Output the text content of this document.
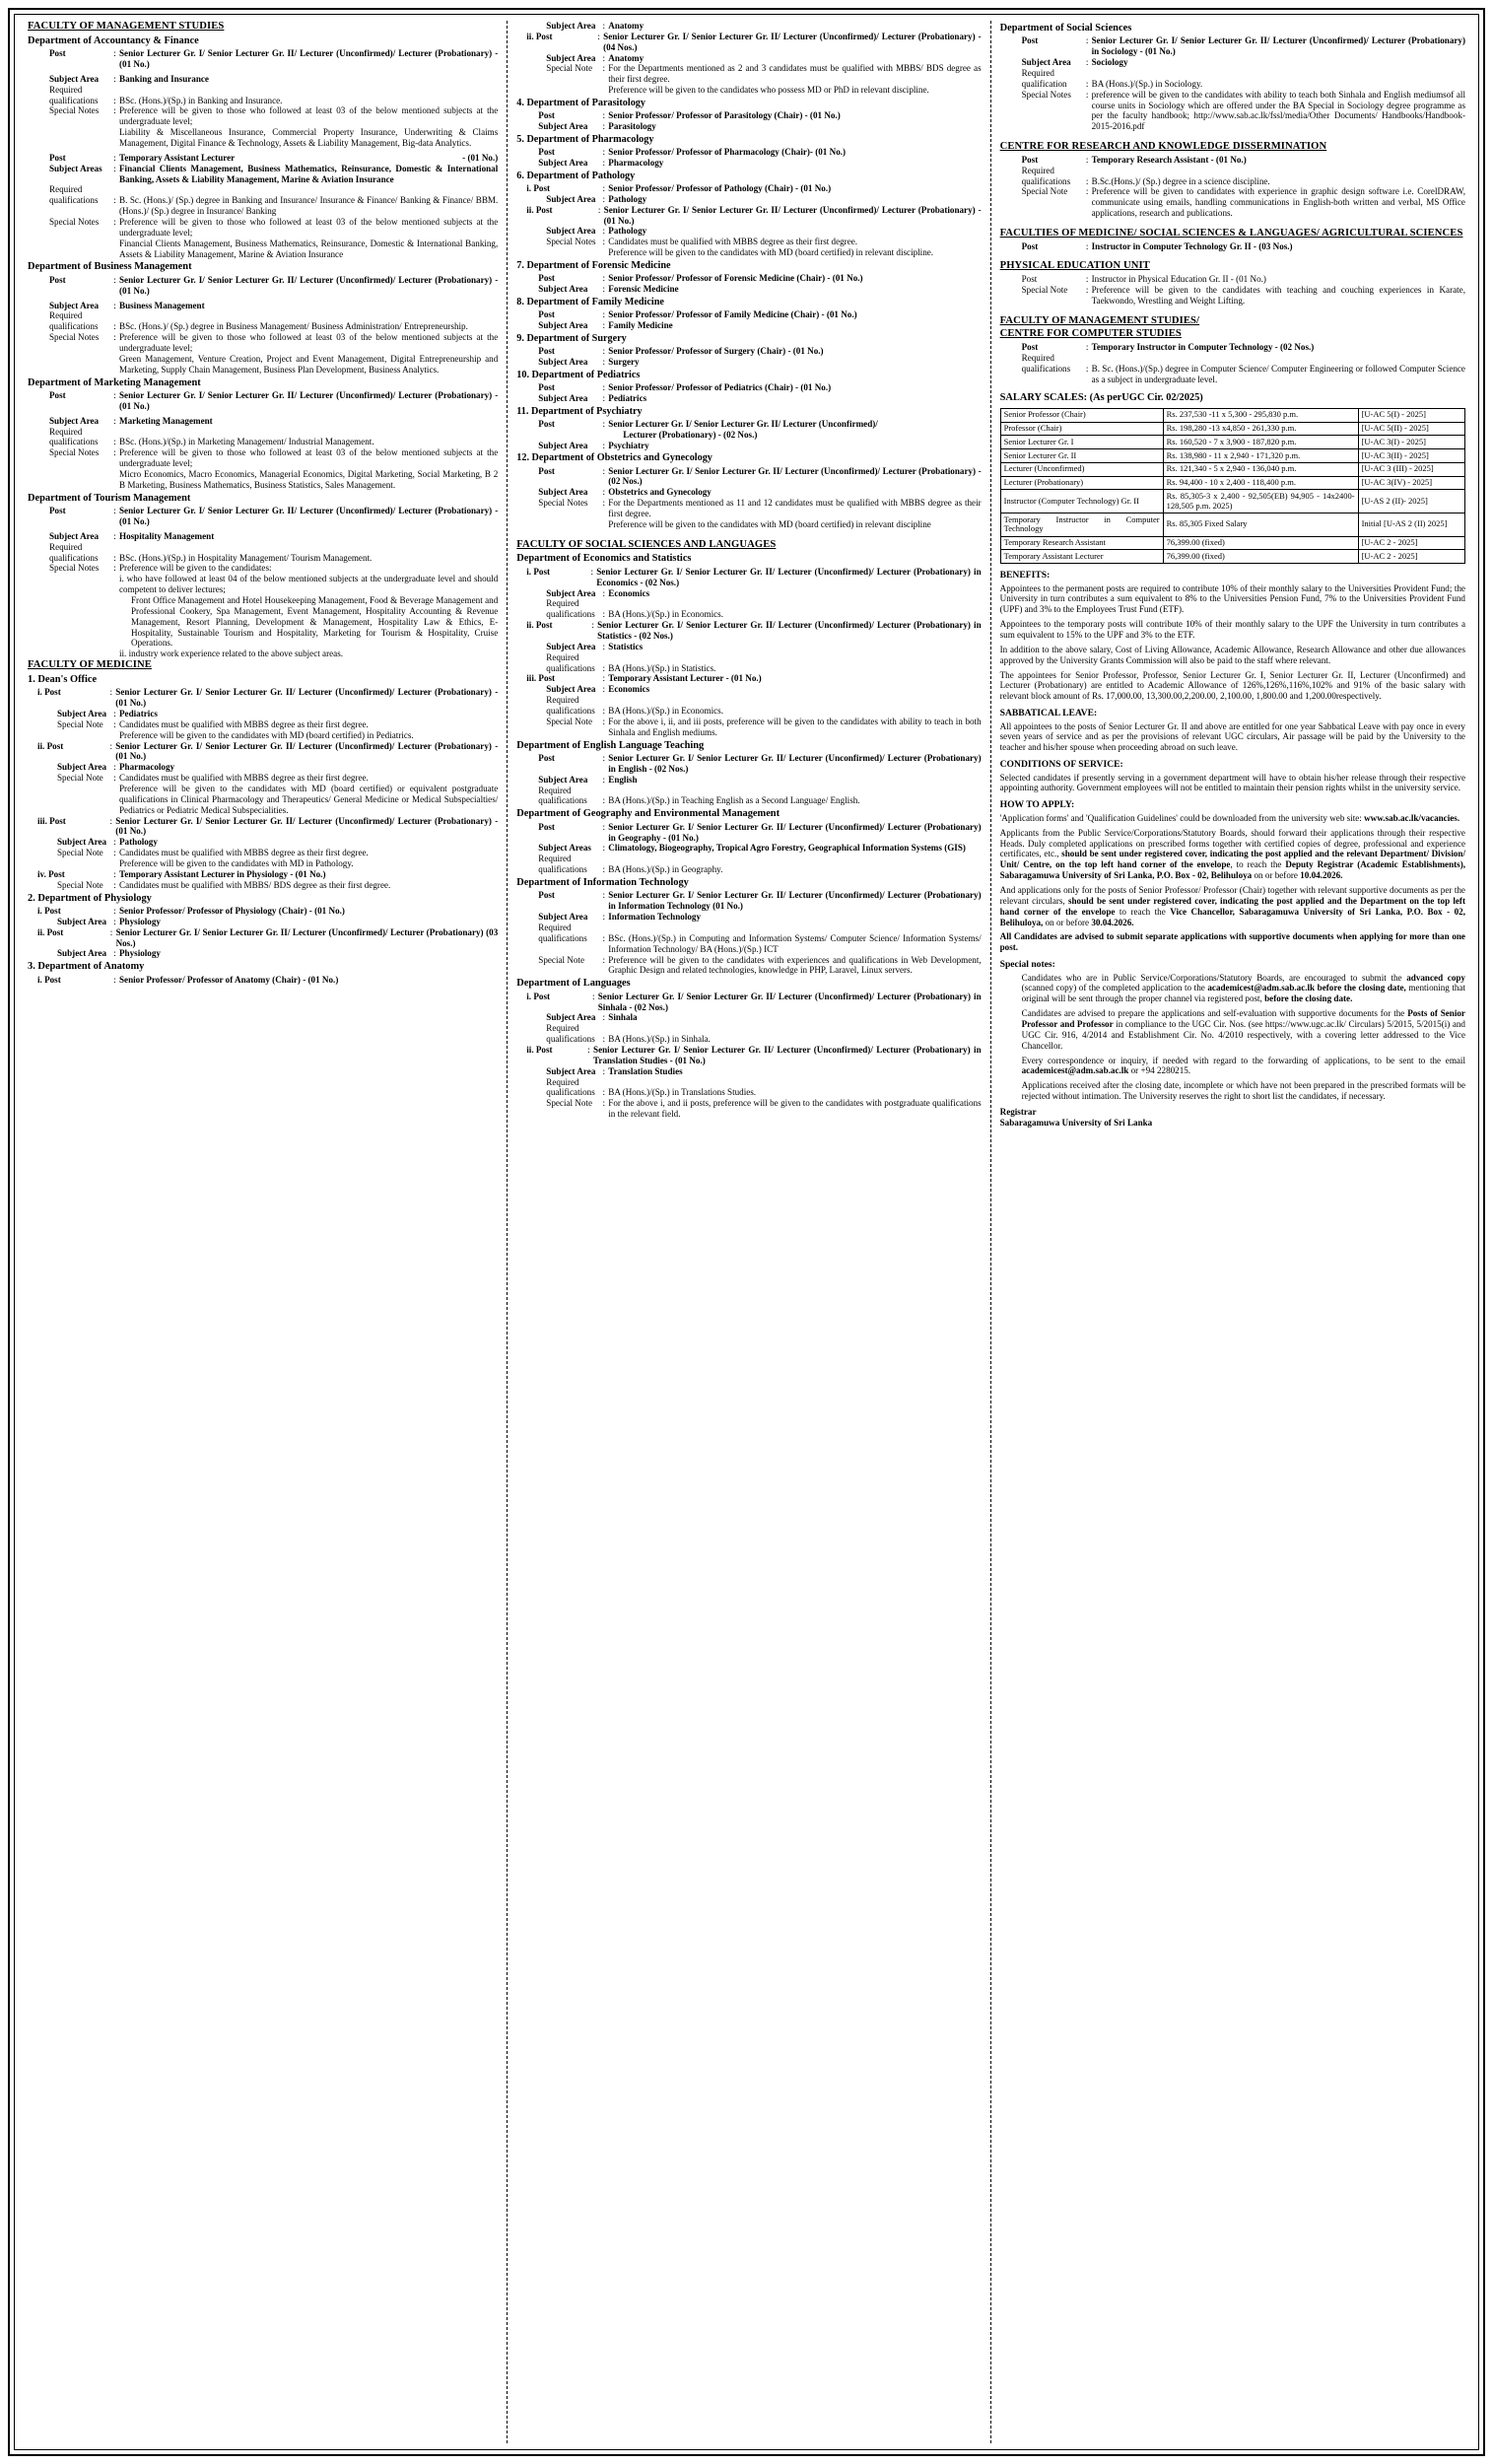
FACULTY OF MANAGEMENT STUDIES
Department of Accountancy & Finance
Post	: Senior Lecturer Gr. I/ Senior Lecturer Gr. II/ Lecturer (Unconfirmed)/ Lecturer (Probationary) - (01 No.)
Subject Area	: Banking and Insurance
Required
qualifications	: BSc. (Hons.)/(Sp.) in Banking and Insurance.
Special Notes	: Preference will be given to those who followed at least 03 of the below mentioned subjects at the undergraduate level;
Liability & Miscellaneous Insurance, Commercial Property Insurance, Underwriting & Claims Management, Digital Finance & Technology, Assets & Liability Management, Big-data Analytics.
Post	: Temporary Assistant Lecturer	- (01 No.)
Subject Areas	: Financial Clients Management, Business Mathematics, Reinsurance, Domestic & International Banking, Assets & Liability Management, Marine & Aviation Insurance
Required
qualifications	: B. Sc. (Hons.)/ (Sp.) degree in Banking and Insurance/ Insurance & Finance/ Banking & Finance/ BBM. (Hons.)/ (Sp.) degree in Insurance/ Banking
Special Notes	: Preference will be given to those who followed at least 03 of the below mentioned subjects at the undergraduate level;
Financial Clients Management, Business Mathematics, Reinsurance, Domestic & International Banking, Assets & Liability Management, Marine & Aviation Insurance
Department of Business Management
Post	: Senior Lecturer Gr. I/ Senior Lecturer Gr. II/ Lecturer (Unconfirmed)/ Lecturer (Probationary) - (01 No.)
Subject Area	: Business Management
Required
qualifications	: BSc. (Hons.)/ (Sp.) degree in Business Management/ Business Administration/ Entrepreneurship.
Special Notes	: Preference will be given to those who followed at least 03 of the below mentioned subjects at the undergraduate level;
Green Management, Venture Creation, Project and Event Management, Digital Entrepreneurship and Marketing, Supply Chain Management, Business Plan Development, Business Analytics.
Department of Marketing Management
Post	: Senior Lecturer Gr. I/ Senior Lecturer Gr. II/ Lecturer (Unconfirmed)/ Lecturer (Probationary) - (01 No.)
Subject Area	: Marketing Management
Required
qualifications	: BSc. (Hons.)/(Sp.) in Marketing Management/ Industrial Management.
Special Notes	: Preference will be given to those who followed at least 03 of the below mentioned subjects at the undergraduate level;
Micro Economics, Macro Economics, Managerial Economics, Digital Marketing, Social Marketing, B 2 B Marketing, Business Mathematics, Business Statistics, Sales Management.
Department of Tourism Management
Post	: Senior Lecturer Gr. I/ Senior Lecturer Gr. II/ Lecturer (Unconfirmed)/ Lecturer (Probationary) - (01 No.)
Subject Area	: Hospitality Management
Required
qualifications	: BSc. (Hons.)/(Sp.) in Hospitality Management/ Tourism Management.
Special Notes	: Preference will be given to the candidates:
i. who have followed at least 04 of the below mentioned subjects at the undergraduate level and should competent to deliver lectures;
Front Office Management and Hotel Housekeeping Management, Food & Beverage Management and Professional Cookery, Spa Management, Event Management, Hospitality Accounting & Revenue Management, Resort Planning, Development & Management, Hospitality Law & Ethics, E-Hospitality, Sustainable Tourism and Hospitality, Marketing for Tourism & Hospitality, Cruise Operations.
ii. industry work experience related to the above subject areas.
FACULTY OF MEDICINE
1. Dean's Office
i. Post	: Senior Lecturer Gr. I/ Senior Lecturer Gr. II/ Lecturer (Unconfirmed)/ Lecturer (Probationary) - (01 No.)
Subject Area : Pediatrics
Special Note	: Candidates must be qualified with MBBS degree as their first degree.
Preference will be given to the candidates with MD (board certified) in Pediatrics.
ii. Post	: Senior Lecturer Gr. I/ Senior Lecturer Gr. II/ Lecturer (Unconfirmed)/ Lecturer (Probationary) - (01 No.)
Subject Area : Pharmacology
Special Note	: Candidates must be qualified with MBBS degree as their first degree.
Preference will be given to the candidates with MD (board certified) or equivalent postgraduate qualifications in Clinical Pharmacology and Therapeutics/ General Medicine or Medical Subspecialties/ Pediatrics or Pediatric Medical Subspecialities.
iii. Post	: Senior Lecturer Gr. I/ Senior Lecturer Gr. II/ Lecturer (Unconfirmed)/ Lecturer (Probationary) - (01 No.)
Subject Area : Pathology
Special Note	: Candidates must be qualified with MBBS degree as their first degree.
Preference will be given to the candidates with MD in Pathology.
iv. Post	: Temporary Assistant Lecturer in Physiology - (01 No.)
Special Note	: Candidates must be qualified with MBBS/ BDS degree as their first degree.
2. Department of Physiology
i. Post	: Senior Professor/ Professor of Physiology (Chair) - (01 No.)
Subject Area : Physiology
ii. Post	: Senior Lecturer Gr. I/ Senior Lecturer Gr. II/ Lecturer (Unconfirmed)/ Lecturer (Probationary) (03 Nos.)
Subject Area : Physiology
3. Department of Anatomy
i. Post	: Senior Professor/ Professor of Anatomy (Chair) - (01 No.)
Subject Area : Anatomy
ii. Post	: Senior Lecturer Gr. I/ Senior Lecturer Gr. II/ Lecturer (Unconfirmed)/ Lecturer (Probationary) - (04 Nos.)
Subject Area : Anatomy
Special Note	: For the Departments mentioned as 2 and 3 candidates must be qualified with MBBS/ BDS degree as their first degree.
Preference will be given to the candidates who possess MD or PhD in relevant discipline.
4. Department of Parasitology
Post	: Senior Professor/ Professor of Parasitology (Chair) - (01 No.)
Subject Area	: Parasitology
5. Department of Pharmacology
Post	: Senior Professor/ Professor of Pharmacology (Chair)- (01 No.)
Subject Area	: Pharmacology
6. Department of Pathology
i. Post	: Senior Professor/ Professor of Pathology (Chair) - (01 No.)
Subject Area : Pathology
ii. Post	: Senior Lecturer Gr. I/ Senior Lecturer Gr. II/ Lecturer (Unconfirmed)/ Lecturer (Probationary) - (01 No.)
Subject Area : Pathology
Special Notes : Candidates must be qualified with MBBS degree as their first degree.
Preference will be given to the candidates with MD (board certified) in relevant discipline.
7. Department of Forensic Medicine
Post	: Senior Professor/ Professor of Forensic Medicine (Chair) - (01 No.)
Subject Area	: Forensic Medicine
8. Department of Family Medicine
Post	: Senior Professor/ Professor of Family Medicine (Chair) - (01 No.)
Subject Area	: Family Medicine
9. Department of Surgery
Post	: Senior Professor/ Professor of Surgery (Chair) - (01 No.)
Subject Area	: Surgery
10. Department of Pediatrics
Post	: Senior Professor/ Professor of Pediatrics (Chair) - (01 No.)
Subject Area	: Pediatrics
11. Department of Psychiatry
Post	: Senior Lecturer Gr. I/ Senior Lecturer Gr. II/ Lecturer (Unconfirmed)/
Lecturer (Probationary) - (02 Nos.)
Subject Area	: Psychiatry
12. Department of Obstetrics and Gynecology
Post	: Senior Lecturer Gr. I/ Senior Lecturer Gr. II/ Lecturer (Unconfirmed)/ Lecturer (Probationary) - (02 Nos.)
Subject Area	: Obstetrics and Gynecology
Special Notes	: For the Departments mentioned as 11 and 12 candidates must be qualified with MBBS degree as their first degree.
Preference will be given to the candidates with MD (board certified) in relevant discipline
FACULTY OF SOCIAL SCIENCES AND LANGUAGES
Department of Economics and Statistics
i. Post	: Senior Lecturer Gr. I/ Senior Lecturer Gr. II/ Lecturer (Unconfirmed)/ Lecturer (Probationary) in Economics - (02 Nos.)
Subject Area : Economics
Required
qualifications : BA (Hons.)/(Sp.) in Economics.
ii. Post	: Senior Lecturer Gr. I/ Senior Lecturer Gr. II/ Lecturer (Unconfirmed)/ Lecturer (Probationary) in Statistics - (02 Nos.)
Subject Area : Statistics
Required
qualifications : BA (Hons.)/(Sp.) in Statistics.
iii. Post	: Temporary Assistant Lecturer - (01 No.)
Subject Area : Economics
Required
qualifications : BA (Hons.)/(Sp.) in Economics.
Special Note	: For the above i, ii, and iii posts, preference will be given to the candidates with ability to teach in both Sinhala and English mediums.
Department of English Language Teaching
Post	: Senior Lecturer Gr. I/ Senior Lecturer Gr. II/ Lecturer (Unconfirmed)/ Lecturer (Probationary) in English - (02 Nos.)
Subject Area	: English
Required
qualifications	: BA (Hons.)/(Sp.) in Teaching English as a Second Language/ English.
Department of Geography and Environmental Management
Post	: Senior Lecturer Gr. I/ Senior Lecturer Gr. II/ Lecturer (Unconfirmed)/ Lecturer (Probationary) in Geography - (01 No.)
Subject Areas	: Climatology, Biogeography, Tropical Agro Forestry, Geographical Information Systems (GIS)
Required
qualifications	: BA (Hons.)/(Sp.) in Geography.
Department of Information Technology
Post	: Senior Lecturer Gr. I/ Senior Lecturer Gr. II/ Lecturer (Unconfirmed)/ Lecturer (Probationary) in Information Technology (01 No.)
Subject Area	: Information Technology
Required
qualifications	: BSc. (Hons.)/(Sp.) in Computing and Information Systems/ Computer Science/ Information Systems/ Information Technology/ BA (Hons.)/(Sp.) ICT
Special Note	: Preference will be given to the candidates with experiences and qualifications in Web Development, Graphic Design and related technologies, knowledge in PHP, Laravel, Linux servers.
Department of Languages
i. Post	: Senior Lecturer Gr. I/ Senior Lecturer Gr. II/ Lecturer (Unconfirmed)/ Lecturer (Probationary) in Sinhala - (02 Nos.)
Subject Area : Sinhala
Required
qualifications : BA (Hons.)/(Sp.) in Sinhala.
ii. Post	: Senior Lecturer Gr. I/ Senior Lecturer Gr. II/ Lecturer (Unconfirmed)/ Lecturer (Probationary) in Translation Studies - (01 No.)
Subject Area : Translation Studies
Required
qualifications : BA (Hons.)/(Sp.) in Translations Studies.
Special Note	: For the above i, and ii posts, preference will be given to the candidates with postgraduate qualifications in the relevant field.
Department of Social Sciences
Post	: Senior Lecturer Gr. I/ Senior Lecturer Gr. II/ Lecturer (Unconfirmed)/ Lecturer (Probationary) in Sociology - (01 No.)
Subject Area	: Sociology
Required
qualification	: BA (Hons.)/(Sp.) in Sociology.
Special Notes	: preference will be given to the candidates with ability to teach both Sinhala and English mediumsof all course units in Sociology which are offered under the BA Special in Sociology degree programme as per the faculty handbook; http://www.sab.ac.lk/fssl/media/Other Documents/ Handbooks/Handbook-2015-2016.pdf
CENTRE FOR RESEARCH AND KNOWLEDGE DISSERMINATION
Post	: Temporary Research Assistant - (01 No.)
Required
qualifications	: B.Sc.(Hons.)/ (Sp.) degree in a science discipline.
Special Note	: Preference will be given to candidates with experience in graphic design software i.e. CorelDRAW, communicate using emails, handling communications in English-both written and verbal, MS Office applications, research and publications.
FACULTIES OF MEDICINE/ SOCIAL SCIENCES & LANGUAGES/ AGRICULTURAL SCIENCES
Post	: Instructor in Computer Technology Gr. II - (03 Nos.)
PHYSICAL EDUCATION UNIT
Post	: Instructor in Physical Education Gr. II - (01 No.)
Special Note	: Preference will be given to the candidates with teaching and couching experiences in Karate, Taekwondo, Wrestling and Weight Lifting.
FACULTY OF MANAGEMENT STUDIES/
CENTRE FOR COMPUTER STUDIES
Post	: Temporary Instructor in Computer Technology - (02 Nos.)
Required
qualifications	: B. Sc. (Hons.)/(Sp.) degree in Computer Science/ Computer Engineering or followed Computer Science as a subject in undergraduate level.
SALARY SCALES: (As perUGC Cir. 02/2025)
Senior Professor (Chair)	Rs. 237,530 -11 x 5,300 - 295,830 p.m.	[U-AC 5(I) - 2025]
Professor (Chair)	Rs. 198,280 -13 x4,850 - 261,330 p.m.	[U-AC 5(II) - 2025]
Senior Lecturer Gr. I	Rs. 160,520 - 7 x 3,900 - 187,820 p.m.	[U-AC 3(I) - 2025]
Senior Lecturer Gr. II	Rs. 138,980 - 11 x 2,940 - 171,320 p.m.	[U-AC 3(II) - 2025]
Lecturer (Unconfirmed)	Rs. 121,340 - 5 x 2,940 - 136,040 p.m.	[U-AC 3 (III) - 2025]
Lecturer (Probationary)	Rs. 94,400 - 10 x 2,400 - 118,400 p.m.	[U-AC 3(IV) - 2025]
Instructor (Computer Technology) Gr. II	Rs. 85,305-3 x 2,400 - 92,505(EB) 94,905 - 14x2400-128,505 p.m. 2025)	[U-AS 2 (II)- 2025]
Temporary Instructor in Computer Technology	Rs. 85,305 Fixed Salary	Initial [U-AS 2 (II) 2025]
Temporary Research Assistant	76,399.00 (fixed)	[U-AC 2 - 2025]
Temporary Assistant Lecturer	76,399.00 (fixed)	[U-AC 2 - 2025]
BENEFITS:

Appointees to the permanent posts are required to contribute 10% of their monthly salary to the Universities Provident Fund; the University in turn contributes a sum equivalent to 8% to the Universities Pension Fund, 7% to the Universities Provident Fund (UPF) and 3% to the Employees Trust Fund (ETF).

Appointees to the temporary posts will contribute 10% of their monthly salary to the UPF the University in turn contributes a sum equivalent to 15% to the UPF and 3% to the ETF.

In addition to the above salary, Cost of Living Allowance, Academic Allowance, Research Allowance and other due allowances approved by the University Grants Commission will also be paid to the staff where relevant.

The appointees for Senior Professor, Professor, Senior Lecturer Gr. I, Senior Lecturer Gr. II, Lecturer (Unconfirmed) and Lecturer (Probationary) are entitled to Academic Allowance of 126%,126%,116%,102% and 91% of the basic salary with relevant block amount of Rs. 17,000.00, 13,300.00,2,200.00, 2,100.00, 1,800.00 and 1,200.00respectively.

SABBATICAL LEAVE:

All appointees to the posts of Senior Lecturer Gr. II and above are entitled for one year Sabbatical Leave with pay once in every seven years of service and as per the provisions of relevant UGC circulars, Air passage will be paid by the University to the teacher and his/her spouse when proceeding abroad on such leave.

CONDITIONS OF SERVICE:

Selected candidates if presently serving in a government department will have to obtain his/her release through their respective appointing authority. Government employees will not be entitled to maintain their pension rights whilst in the university service.

HOW TO APPLY:

'Application forms' and 'Qualification Guidelines' could be downloaded from the university web site: www.sab.ac.lk/vacancies.

Applicants from the Public Service/Corporations/Statutory Boards, should forward their applications through their respective Heads. Duly completed applications on prescribed forms together with certified copies of degree, professional and experience certificates, etc., should be sent under registered cover, indicating the post applied and the relevant Department/ Division/ Unit/ Centre, on the top left hand corner of the envelope, to reach the Deputy Registrar (Academic Establishments), Sabaragamuwa University of Sri Lanka, P.O. Box - 02, Belihuloya on or before 10.04.2026.

And applications only for the posts of Senior Professor/ Professor (Chair) together with relevant supportive documents as per the relevant circulars, should be sent under registered cover, indicating the post applied and the Department on the top left hand corner of the envelope to reach the Vice Chancellor, Sabaragamuwa University of Sri Lanka, P.O. Box - 02, Belihuloya, on or before 30.04.2026.

All Candidates are advised to submit separate applications with supportive documents when applying for more than one post.

Special notes:

Candidates who are in Public Service/Corporations/Statutory Boards, are encouraged to submit the advanced copy (scanned copy) of the completed application to the academicest@adm.sab.ac.lk before the closing date, mentioning that original will be sent through the proper channel via registered post, before the closing date.

Candidates are advised to prepare the applications and self-evaluation with supportive documents for the Posts of Senior Professor and Professor in compliance to the UGC Cir. Nos. (see https://www.ugc.ac.lk/ Circulars) 5/2015, 5/2015(i) and UGC Cir. 916, 4/2014 and Establishment Cir. No. 4/2010 respectively, with a covering letter addressed to the Vice Chancellor.

Every correspondence or inquiry, if needed with regard to the forwarding of applications, to be sent to the email academicest@adm.sab.ac.lk or +94 2280215.

Applications received after the closing date, incomplete or which have not been prepared in the prescribed formats will be rejected without intimation. The University reserves the right to short list the candidates, if necessary.

Registrar
Sabaragamuwa University of Sri Lanka
